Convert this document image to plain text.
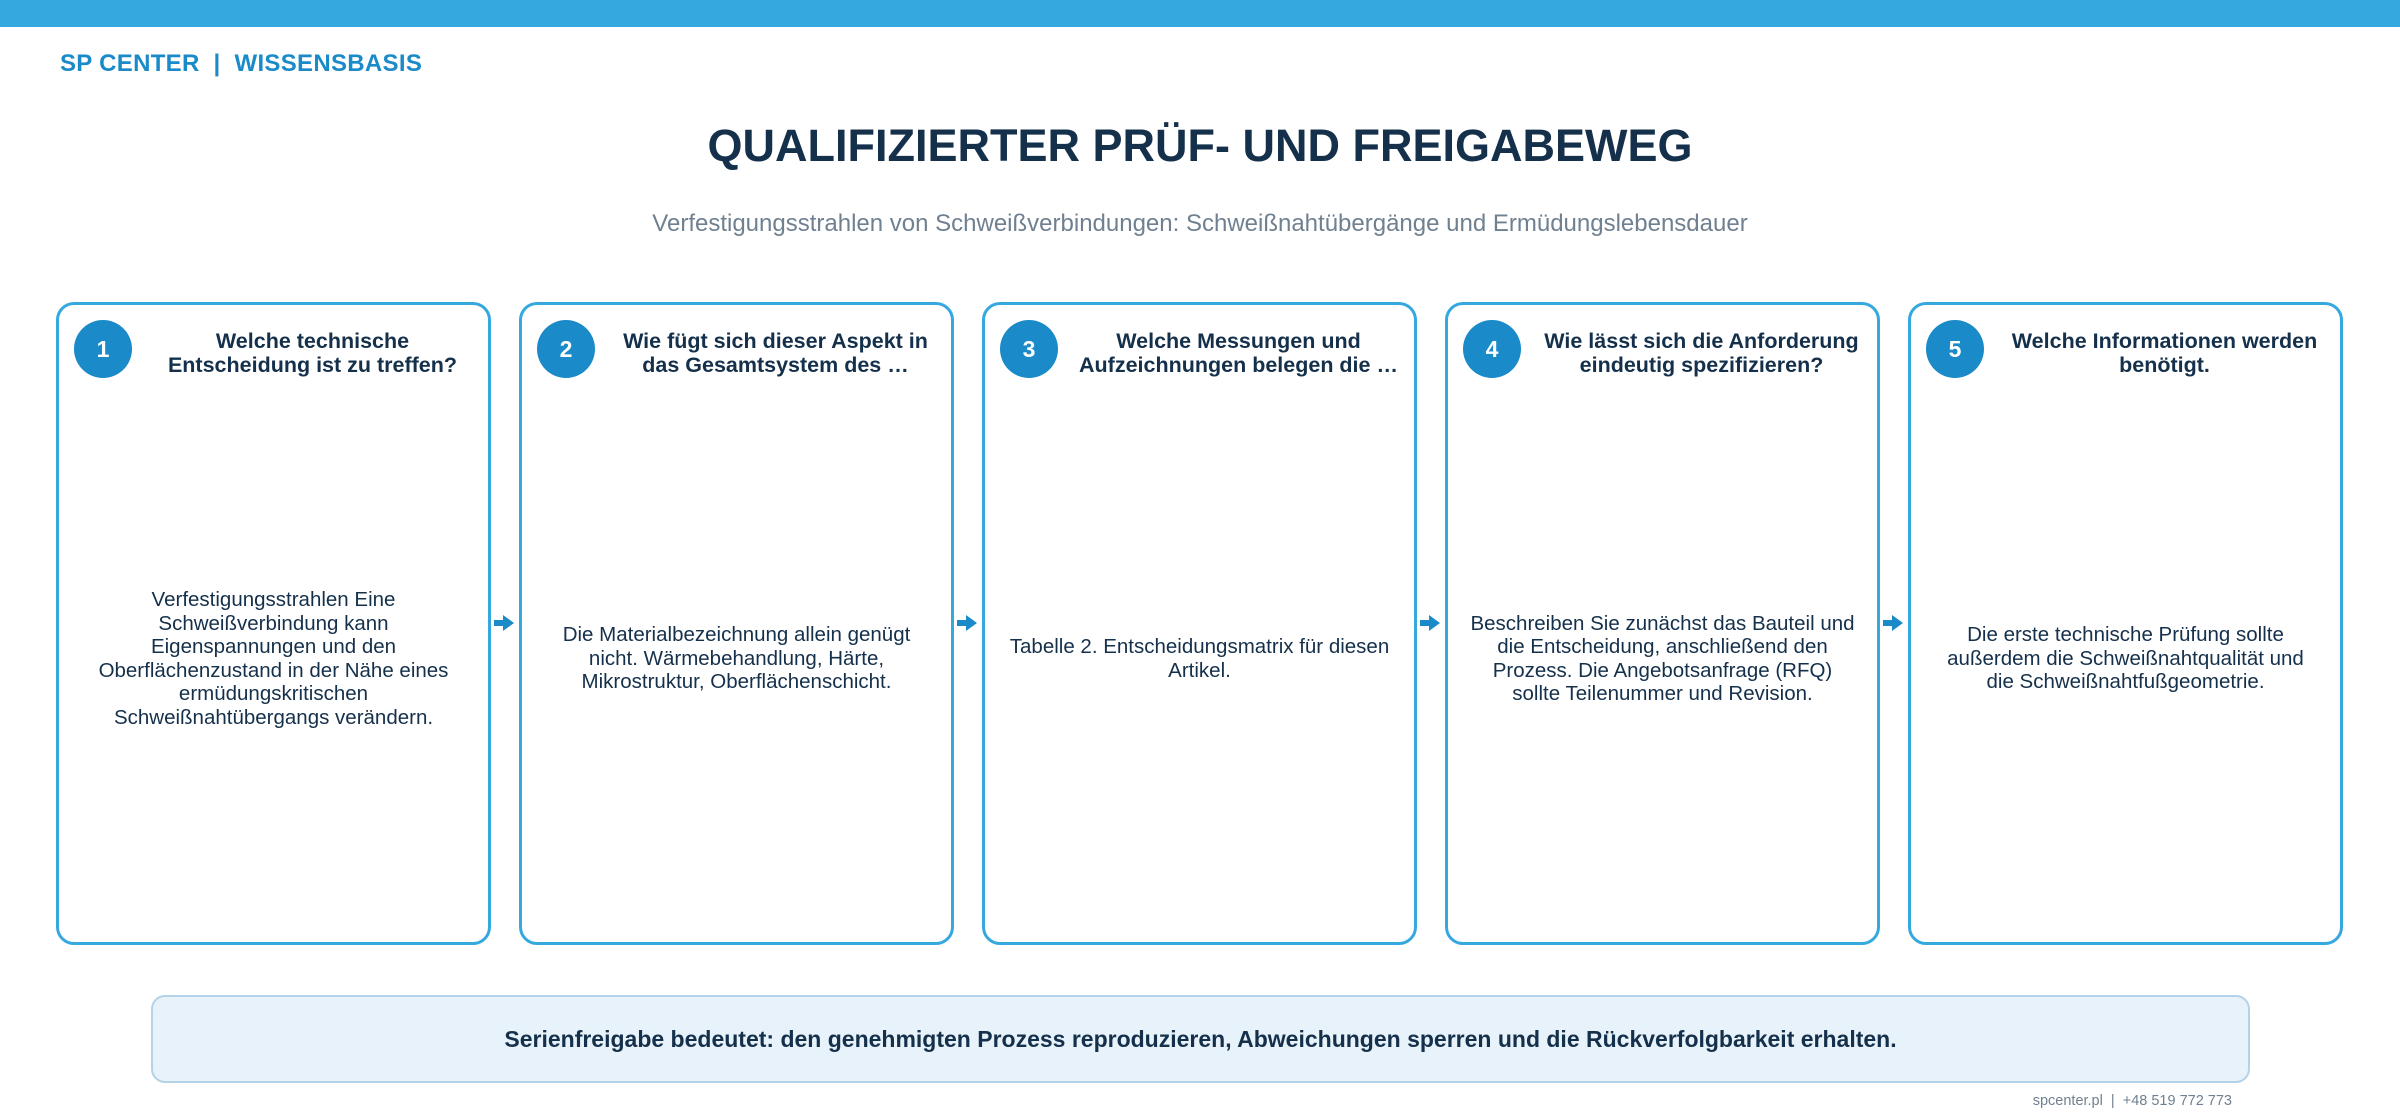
SP CENTER  |  WISSENSBASIS
QUALIFIZIERTER PRÜF- UND FREIGABEWEG
Verfestigungsstrahlen von Schweißverbindungen: Schweißnahtübergänge und Ermüdungslebensdauer
1	Welche technische Entscheidung ist zu treffen?
Verfestigungsstrahlen Eine Schweißverbindung kann Eigenspannungen und den Oberflächenzustand in der Nähe eines ermüdungskritischen Schweißnahtübergangs verändern.
2	Wie fügt sich dieser Aspekt in das Gesamtsystem des …
Die Materialbezeichnung allein genügt nicht. Wärmebehandlung, Härte, Mikrostruktur, Oberflächenschicht.
3	Welche Messungen und Aufzeichnungen belegen die …
Tabelle 2. Entscheidungsmatrix für diesen Artikel.
4	Wie lässt sich die Anforderung eindeutig spezifizieren?
Beschreiben Sie zunächst das Bauteil und die Entscheidung, anschließend den Prozess. Die Angebotsanfrage (RFQ) sollte Teilenummer und Revision.
5	Welche Informationen werden benötigt.
Die erste technische Prüfung sollte außerdem die Schweißnahtqualität und die Schweißnahtfußgeometrie.
Serienfreigabe bedeutet: den genehmigten Prozess reproduzieren, Abweichungen sperren und die Rückverfolgbarkeit erhalten.
spcenter.pl  |  +48 519 772 773
